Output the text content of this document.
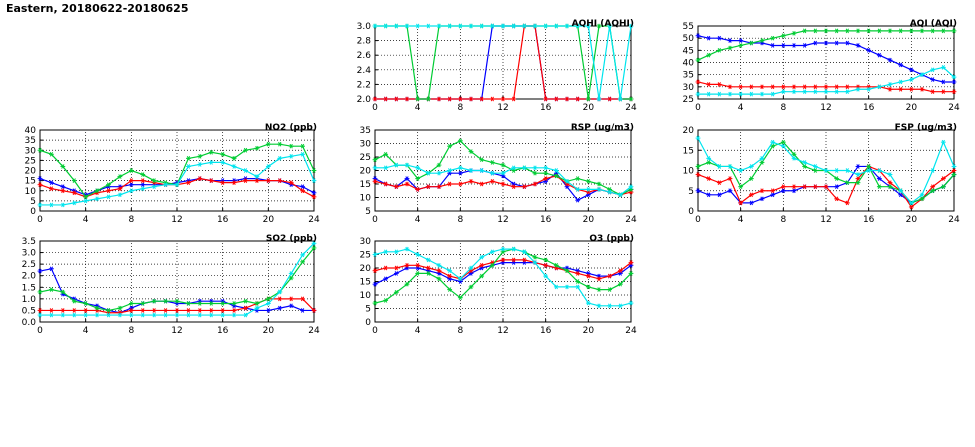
Eastern, 20180622-20180625
0	4	8	12	16	20	24
2.0
2.2
2.4
2.6
2.8
3.0	AQHI (AQHI)
0	4	8	12	16	20	24
25
30
35
40
45
50
55	AQI (AQI)
0	4	8	12	16	20	24
0
5
10
15
20
25
30
35
40	NO2 (ppb)
0	4	8	12	16	20	24
5
10
15
20
25
30
35	RSP (ug/m3)
0	4	8	12	16	20	24
0
5
10
15
20	FSP (ug/m3)
0	4	8	12	16	20	24
0.0
0.5
1.0
1.5
2.0
2.5
3.0
3.5	SO2 (ppb)
0	4	8	12	16	20	24
0
5
10
15
20
25
30	O3 (ppb)
